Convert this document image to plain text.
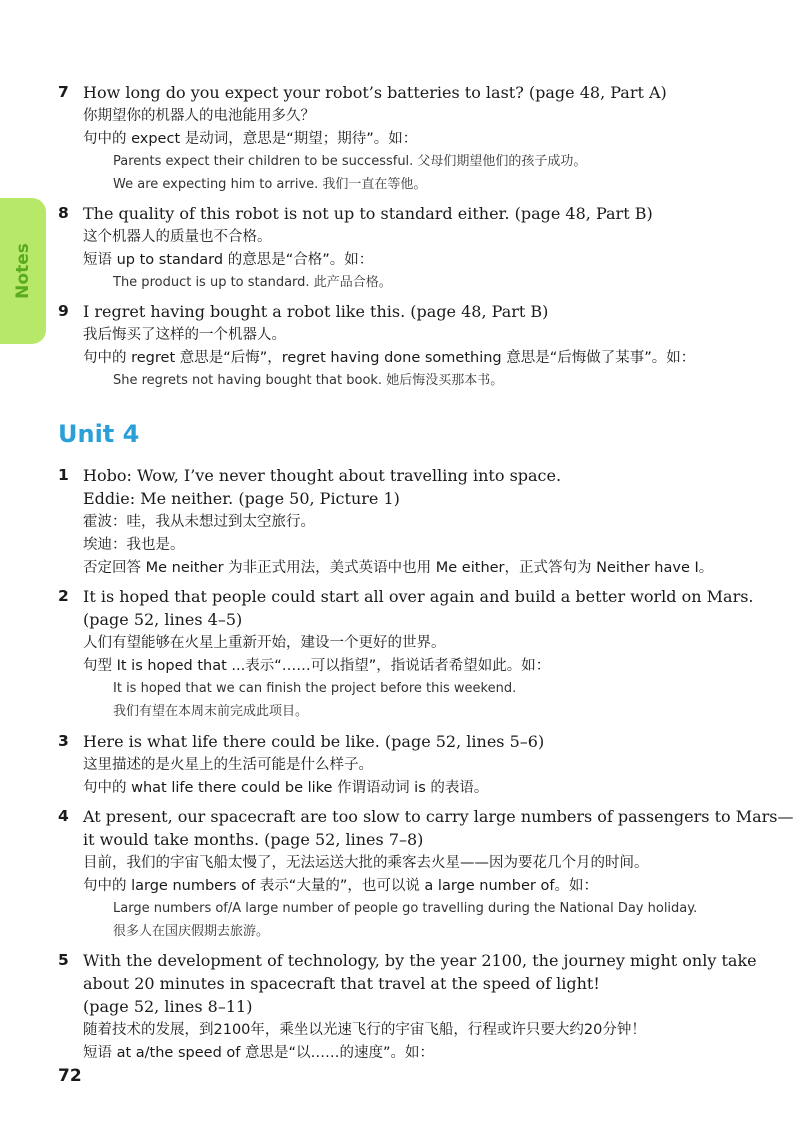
Notes
7 How long do you expect your robot’s batteries to last? (page 48, Part A)
你期望你的机器人的电池能用多久？
句中的 expect 是动词，意思是“期望；期待”。如：
Parents expect their children to be successful. 父母们期望他们的孩子成功。
We are expecting him to arrive. 我们一直在等他。
8 The quality of this robot is not up to standard either. (page 48, Part B)
这个机器人的质量也不合格。
短语 up to standard 的意思是“合格”。如：
The product is up to standard. 此产品合格。
9 I regret having bought a robot like this. (page 48, Part B)
我后悔买了这样的一个机器人。
句中的 regret 意思是“后悔”，regret having done something 意思是“后悔做了某事”。如：
She regrets not having bought that book. 她后悔没买那本书。
Unit 4
1 Hobo: Wow, I’ve never thought about travelling into space.
Eddie: Me neither. (page 50, Picture 1)
霍波：哇，我从未想过到太空旅行。
埃迪：我也是。
否定回答 Me neither 为非正式用法，美式英语中也用 Me either，正式答句为 Neither have I。
2 It is hoped that people could start all over again and build a better world on Mars.
(page 52, lines 4–5)
人们有望能够在火星上重新开始，建设一个更好的世界。
句型 It is hoped that ...表示“……可以指望”，指说话者希望如此。如：
It is hoped that we can finish the project before this weekend.
我们有望在本周末前完成此项目。
3 Here is what life there could be like. (page 52, lines 5–6)
这里描述的是火星上的生活可能是什么样子。
句中的 what life there could be like 作谓语动词 is 的表语。
4 At present, our spacecraft are too slow to carry large numbers of passengers to Mars—
it would take months. (page 52, lines 7–8)
目前，我们的宇宙飞船太慢了，无法运送大批的乘客去火星——因为要花几个月的时间。
句中的 large numbers of 表示“大量的”，也可以说 a large number of。如：
Large numbers of/A large number of people go travelling during the National Day holiday.
很多人在国庆假期去旅游。
5 With the development of technology, by the year 2100, the journey might only take
about 20 minutes in spacecraft that travel at the speed of light!
(page 52, lines 8–11)
随着技术的发展，到2100年，乘坐以光速飞行的宇宙飞船，行程或许只要大约20分钟！
短语 at a/the speed of 意思是“以……的速度”。如：
72
